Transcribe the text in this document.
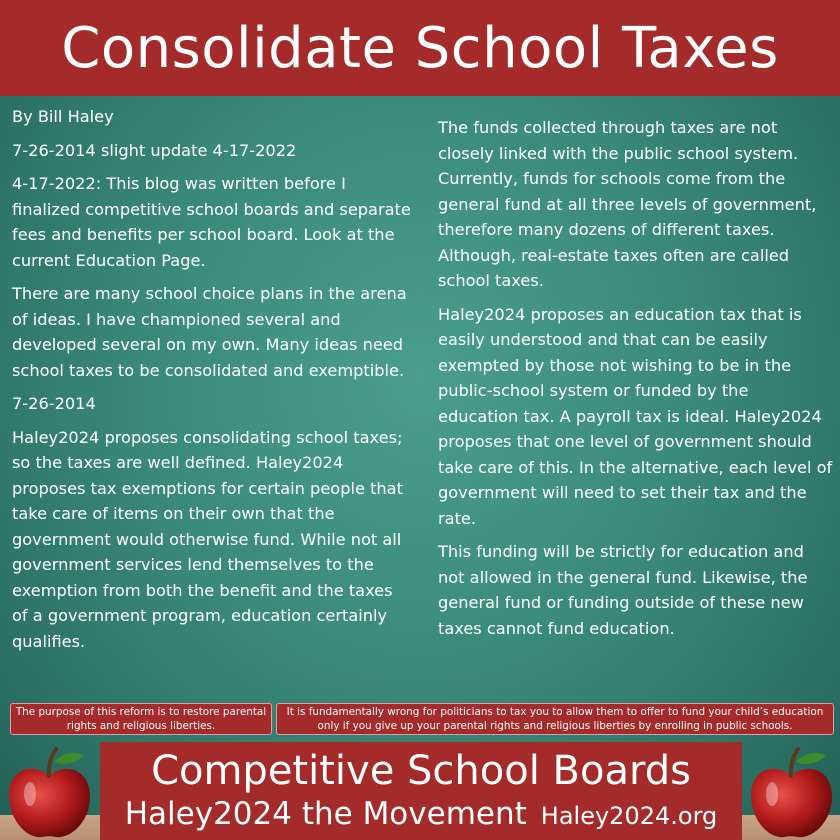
Consolidate School Taxes

By Bill Haley

7-26-2014 slight update 4-17-2022

4-17-2022: This blog was written before I finalized competitive school boards and separate fees and benefits per school board. Look at the current Education Page.

There are many school choice plans in the arena of ideas. I have championed several and developed several on my own. Many ideas need school taxes to be consolidated and exemptible.

7-26-2014

Haley2024 proposes consolidating school taxes; so the taxes are well defined. Haley2024 proposes tax exemptions for certain people that take care of items on their own that the government would otherwise fund. While not all government services lend themselves to the exemption from both the benefit and the taxes of a government program, education certainly qualifies.

The funds collected through taxes are not closely linked with the public school system. Currently, funds for schools come from the general fund at all three levels of government, therefore many dozens of different taxes. Although, real-estate taxes often are called school taxes.

Haley2024 proposes an education tax that is easily understood and that can be easily exempted by those not wishing to be in the public-school system or funded by the education tax. A payroll tax is ideal. Haley2024 proposes that one level of government should take care of this. In the alternative, each level of government will need to set their tax and the rate.

This funding will be strictly for education and not allowed in the general fund. Likewise, the general fund or funding outside of these new taxes cannot fund education.

The purpose of this reform is to restore parental rights and religious liberties.
It is fundamentally wrong for politicians to tax you to allow them to offer to fund your child’s education only if you give up your parental rights and religious liberties by enrolling in public schools.
Competitive School Boards
Haley2024 the Movement Haley2024.org
